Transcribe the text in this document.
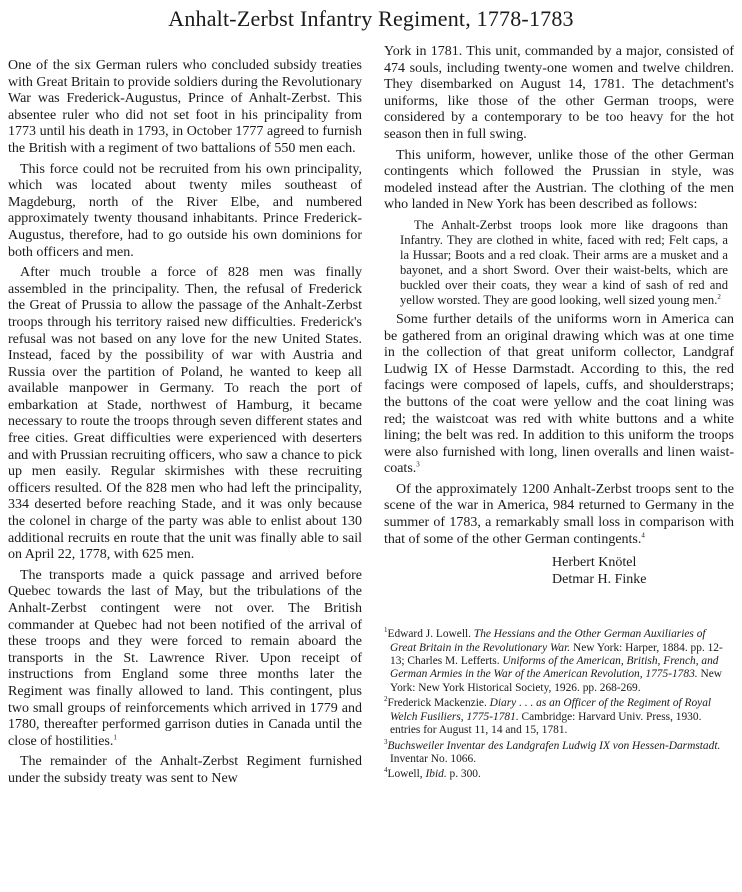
Anhalt-Zerbst Infantry Regiment, 1778-1783

One of the six German rulers who concluded subsidy treaties with Great Britain to provide soldiers during the Revolutionary War was Frederick-Augustus, Prince of Anhalt-Zerbst. This absentee ruler who did not set foot in his principality from 1773 until his death in 1793, in October 1777 agreed to furnish the British with a regiment of two battalions of 550 men each.

This force could not be recruited from his own principality, which was located about twenty miles southeast of Magdeburg, north of the River Elbe, and numbered approximately twenty thousand inhabitants. Prince Frederick-Augustus, therefore, had to go outside his own dominions for both officers and men.

After much trouble a force of 828 men was finally assembled in the principality. Then, the refusal of Frederick the Great of Prussia to allow the passage of the Anhalt-Zerbst troops through his territory raised new difficulties. Frederick's refusal was not based on any love for the new United States. Instead, faced by the possibility of war with Austria and Russia over the partition of Poland, he wanted to keep all available manpower in Germany. To reach the port of embarkation at Stade, northwest of Hamburg, it became necessary to route the troops through seven different states and free cities. Great difficulties were experienced with deserters and with Prussian recruiting officers, who saw a chance to pick up men easily. Regular skirmishes with these recruiting officers resulted. Of the 828 men who had left the principality, 334 deserted before reaching Stade, and it was only because the colonel in charge of the party was able to enlist about 130 additional recruits en route that the unit was finally able to sail on April 22, 1778, with 625 men.

The transports made a quick passage and arrived before Quebec towards the last of May, but the tribulations of the Anhalt-Zerbst contingent were not over. The British commander at Quebec had not been notified of the arrival of these troops and they were forced to remain aboard the transports in the St. Lawrence River. Upon receipt of instructions from England some three months later the Regiment was finally allowed to land. This contingent, plus two small groups of reinforcements which arrived in 1779 and 1780, thereafter performed garrison duties in Canada until the close of hostilities.$^1$

The remainder of the Anhalt-Zerbst Regiment furnished under the subsidy treaty was sent to New

York in 1781. This unit, commanded by a major, consisted of 474 souls, including twenty-one women and twelve children. They disembarked on August 14, 1781. The detachment's uniforms, like those of the other German troops, were considered by a contemporary to be too heavy for the hot season then in full swing.

This uniform, however, unlike those of the other German contingents which followed the Prussian in style, was modeled instead after the Austrian. The clothing of the men who landed in New York has been described as follows:

The Anhalt-Zerbst troops look more like dragoons than Infantry. They are clothed in white, faced with red; Felt caps, a la Hussar; Boots and a red cloak. Their arms are a musket and a bayonet, and a short Sword. Over their waist-belts, which are buckled over their coats, they wear a kind of sash of red and yellow worsted. They are good looking, well sized young men.$^2$

Some further details of the uniforms worn in America can be gathered from an original drawing which was at one time in the collection of that great uniform collector, Landgraf Ludwig IX of Hesse Darmstadt. According to this, the red facings were composed of lapels, cuffs, and shoulderstraps; the buttons of the coat were yellow and the coat lining was red; the waistcoat was red with white buttons and a white lining; the belt was red. In addition to this uniform the troops were also furnished with long, linen overalls and linen waist-coats.$^3$

Of the approximately 1200 Anhalt-Zerbst troops sent to the scene of the war in America, 984 returned to Germany in the summer of 1783, a remarkably small loss in comparison with that of some of the other German contingents.$^4$

Herbert Knötel
Detmar H. Finke

$^1$Edward J. Lowell. The Hessians and the Other German Auxiliaries of Great Britain in the Revolutionary War. New York: Harper, 1884. pp. 12-13; Charles M. Lefferts. Uniforms of the American, British, French, and German Armies in the War of the American Revolution, 1775-1783. New York: New York Historical Society, 1926. pp. 268-269.

$^2$Frederick Mackenzie. Diary . . . as an Officer of the Regiment of Royal Welch Fusiliers, 1775-1781. Cambridge: Harvard Univ. Press, 1930. entries for August 11, 14 and 15, 1781.

$^3$Buchsweiler Inventar des Landgrafen Ludwig IX von Hessen-Darmstadt. Inventar No. 1066.

$^4$Lowell, Ibid. p. 300.
